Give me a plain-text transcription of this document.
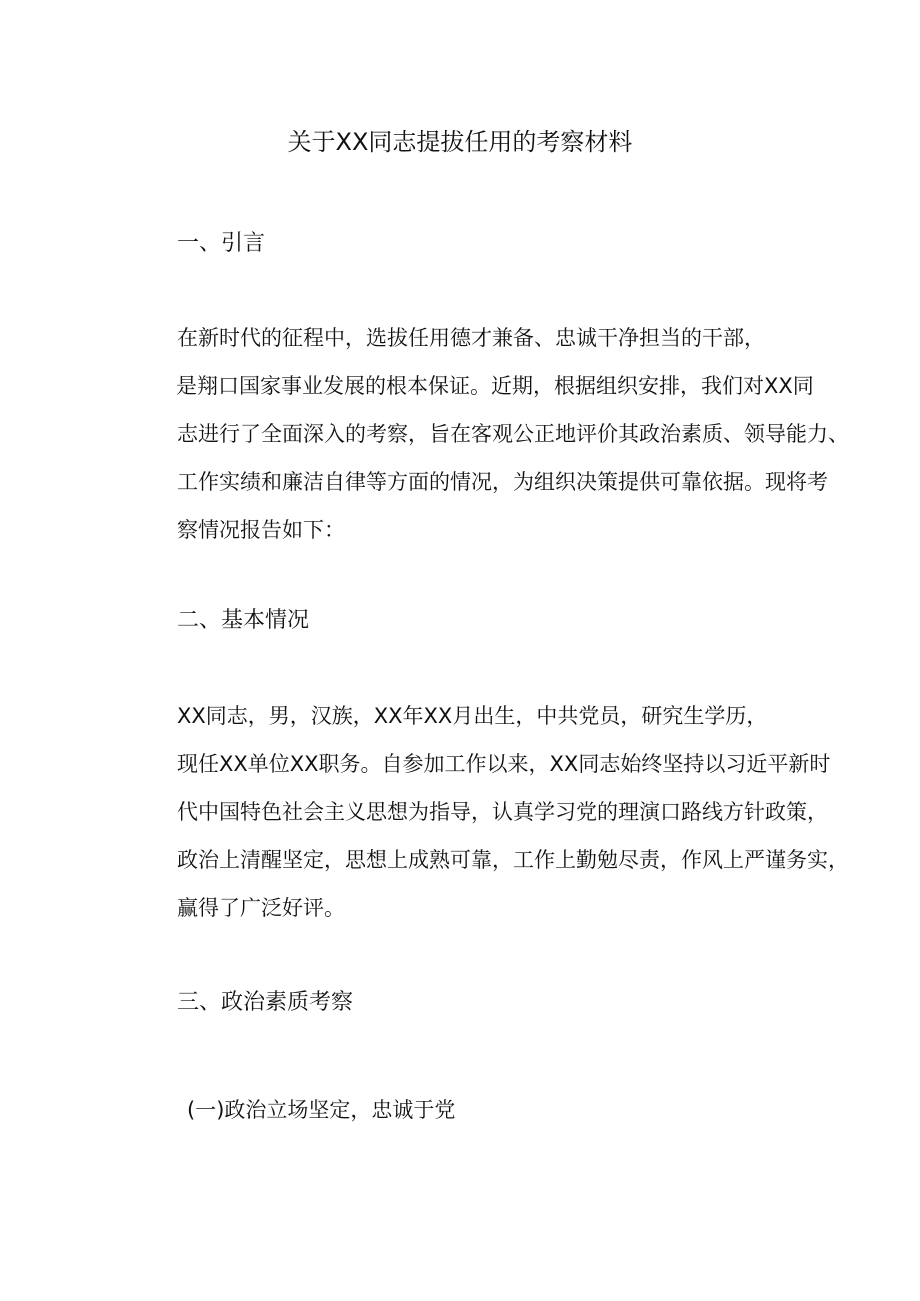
关于XX同志提拔任用的考察材料
一、引言
在新时代的征程中，选拔任用德才兼备、忠诚干净担当的干部，
是翔口国家事业发展的根本保证。近期，根据组织安排，我们对XX同
志进行了全面深入的考察，旨在客观公正地评价其政治素质、领导能力、
工作实绩和廉洁自律等方面的情况，为组织决策提供可靠依据。现将考
察情况报告如下：
二、基本情况
XX同志，男，汉族，XX年XX月出生，中共党员，研究生学历，
现任XX单位XX职务。自参加工作以来，XX同志始终坚持以习近平新时
代中国特色社会主义思想为指导，认真学习党的理演口路线方针政策，
政治上清醒坚定，思想上成熟可靠，工作上勤勉尽责，作风上严谨务实，
赢得了广泛好评。
三、政治素质考察
(一)政治立场坚定，忠诚于党
